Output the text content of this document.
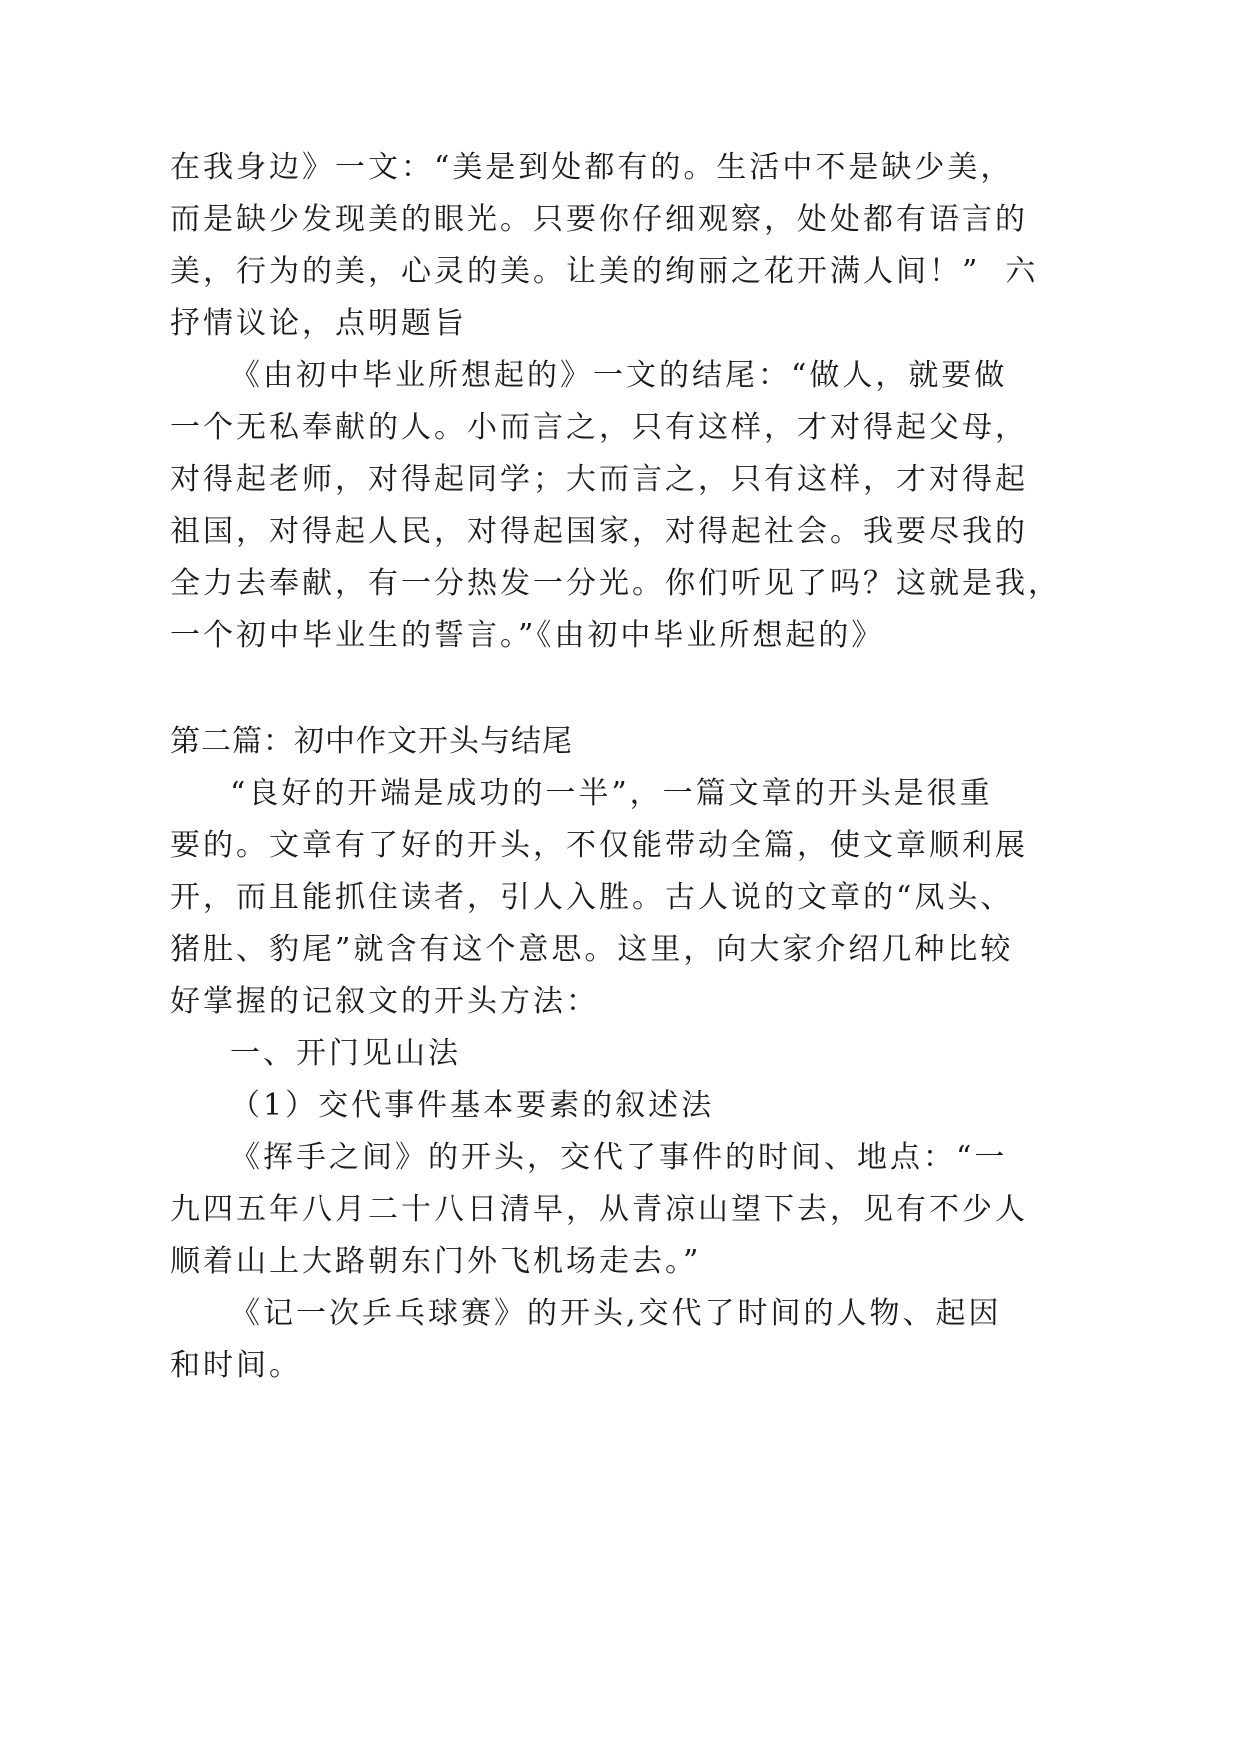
在我身边》一文：“美是到处都有的。生活中不是缺少美，
而是缺少发现美的眼光。只要你仔细观察，处处都有语言的
美，行为的美，心灵的美。让美的绚丽之花开满人间！”  六
抒情议论，点明题旨
《由初中毕业所想起的》一文的结尾：“做人，就要做
一个无私奉献的人。小而言之，只有这样，才对得起父母，
对得起老师，对得起同学；大而言之，只有这样，才对得起
祖国，对得起人民，对得起国家，对得起社会。我要尽我的
全力去奉献，有一分热发一分光。你们听见了吗？这就是我，
一个初中毕业生的誓言。”《由初中毕业所想起的》
第二篇：初中作文开头与结尾
“良好的开端是成功的一半”，一篇文章的开头是很重
要的。文章有了好的开头，不仅能带动全篇，使文章顺利展
开，而且能抓住读者，引人入胜。古人说的文章的“凤头、
猪肚、豹尾”就含有这个意思。这里，向大家介绍几种比较
好掌握的记叙文的开头方法：
一、开门见山法
（1）交代事件基本要素的叙述法
《挥手之间》的开头，交代了事件的时间、地点：“一
九四五年八月二十八日清早，从青凉山望下去，见有不少人
顺着山上大路朝东门外飞机场走去。”
《记一次乒乓球赛》的开头,交代了时间的人物、起因
和时间。
